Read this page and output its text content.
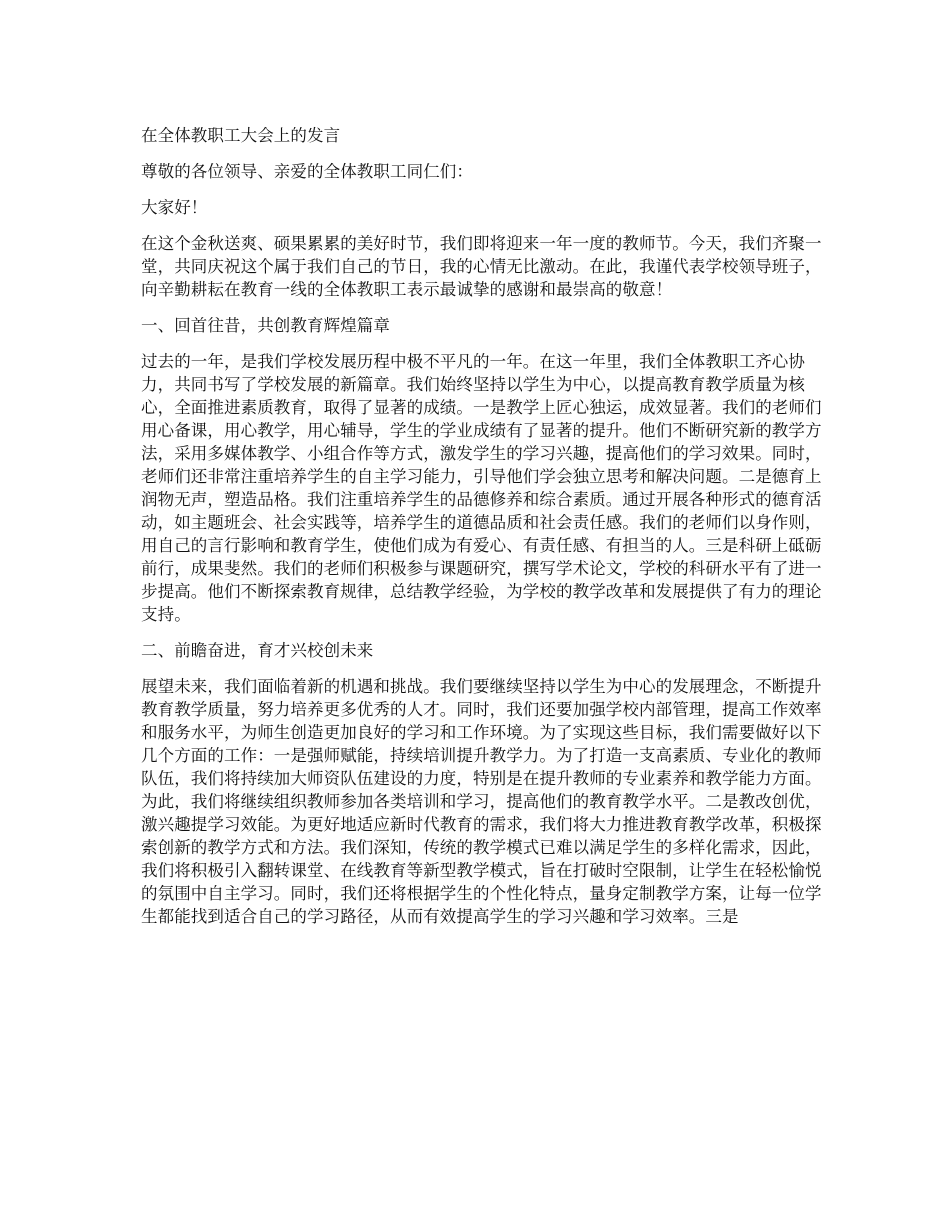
在全体教职工大会上的发言

尊敬的各位领导、亲爱的全体教职工同仁们：

大家好！

在这个金秋送爽、硕果累累的美好时节，我们即将迎来一年一度的教师节。今天，我们齐聚一堂，共同庆祝这个属于我们自己的节日，我的心情无比激动。在此，我谨代表学校领导班子，向辛勤耕耘在教育一线的全体教职工表示最诚挚的感谢和最崇高的敬意！

一、回首往昔，共创教育辉煌篇章

过去的一年，是我们学校发展历程中极不平凡的一年。在这一年里，我们全体教职工齐心协力，共同书写了学校发展的新篇章。我们始终坚持以学生为中心，以提高教育教学质量为核心，全面推进素质教育，取得了显著的成绩。一是教学上匠心独运，成效显著。我们的老师们用心备课，用心教学，用心辅导，学生的学业成绩有了显著的提升。他们不断研究新的教学方法，采用多媒体教学、小组合作等方式，激发学生的学习兴趣，提高他们的学习效果。同时，老师们还非常注重培养学生的自主学习能力，引导他们学会独立思考和解决问题。二是德育上润物无声，塑造品格。我们注重培养学生的品德修养和综合素质。通过开展各种形式的德育活动，如主题班会、社会实践等，培养学生的道德品质和社会责任感。我们的老师们以身作则，用自己的言行影响和教育学生，使他们成为有爱心、有责任感、有担当的人。三是科研上砥砺前行，成果斐然。我们的老师们积极参与课题研究，撰写学术论文，学校的科研水平有了进一步提高。他们不断探索教育规律，总结教学经验，为学校的教学改革和发展提供了有力的理论支持。

二、前瞻奋进，育才兴校创未来

展望未来，我们面临着新的机遇和挑战。我们要继续坚持以学生为中心的发展理念，不断提升教育教学质量，努力培养更多优秀的人才。同时，我们还要加强学校内部管理，提高工作效率和服务水平，为师生创造更加良好的学习和工作环境。为了实现这些目标，我们需要做好以下几个方面的工作：一是强师赋能，持续培训提升教学力。为了打造一支高素质、专业化的教师队伍，我们将持续加大师资队伍建设的力度，特别是在提升教师的专业素养和教学能力方面。为此，我们将继续组织教师参加各类培训和学习，提高他们的教育教学水平。二是教改创优，激兴趣提学习效能。为更好地适应新时代教育的需求，我们将大力推进教育教学改革，积极探索创新的教学方式和方法。我们深知，传统的教学模式已难以满足学生的多样化需求，因此，我们将积极引入翻转课堂、在线教育等新型教学模式，旨在打破时空限制，让学生在轻松愉悦的氛围中自主学习。同时，我们还将根据学生的个性化特点，量身定制教学方案，让每一位学生都能找到适合自己的学习路径，从而有效提高学生的学习兴趣和学习效率。三是
